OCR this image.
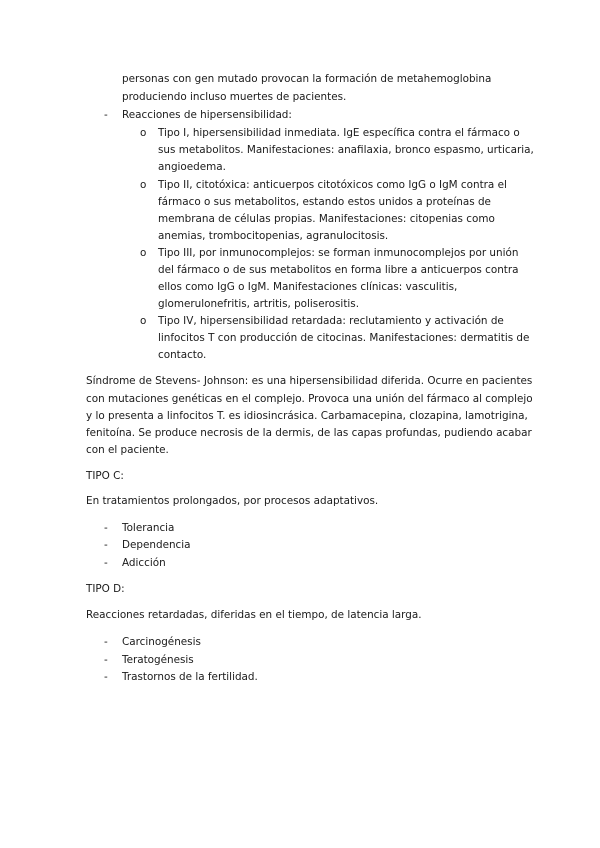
personas con gen mutado provocan la formación de metahemoglobina
produciendo incluso muertes de pacientes.
- Reacciones de hipersensibilidad:
o Tipo I, hipersensibilidad inmediata. IgE específica contra el fármaco o
sus metabolitos. Manifestaciones: anafilaxia, bronco espasmo, urticaria,
angioedema.
o Tipo II, citotóxica: anticuerpos citotóxicos como IgG o IgM contra el
fármaco o sus metabolitos, estando estos unidos a proteínas de
membrana de células propias. Manifestaciones: citopenias como
anemias, trombocitopenias, agranulocitosis.
o Tipo III, por inmunocomplejos: se forman inmunocomplejos por unión
del fármaco o de sus metabolitos en forma libre a anticuerpos contra
ellos como IgG o IgM. Manifestaciones clínicas: vasculitis,
glomerulonefritis, artritis, poliserositis.
o Tipo IV, hipersensibilidad retardada: reclutamiento y activación de
linfocitos T con producción de citocinas. Manifestaciones: dermatitis de
contacto.
Síndrome de Stevens- Johnson: es una hipersensibilidad diferida. Ocurre en pacientes
con mutaciones genéticas en el complejo. Provoca una unión del fármaco al complejo
y lo presenta a linfocitos T. es idiosincrásica. Carbamacepina, clozapina, lamotrigina,
fenitoína. Se produce necrosis de la dermis, de las capas profundas, pudiendo acabar
con el paciente.
TIPO C:
En tratamientos prolongados, por procesos adaptativos.
- Tolerancia
- Dependencia
- Adicción
TIPO D:
Reacciones retardadas, diferidas en el tiempo, de latencia larga.
- Carcinogénesis
- Teratogénesis
- Trastornos de la fertilidad.
